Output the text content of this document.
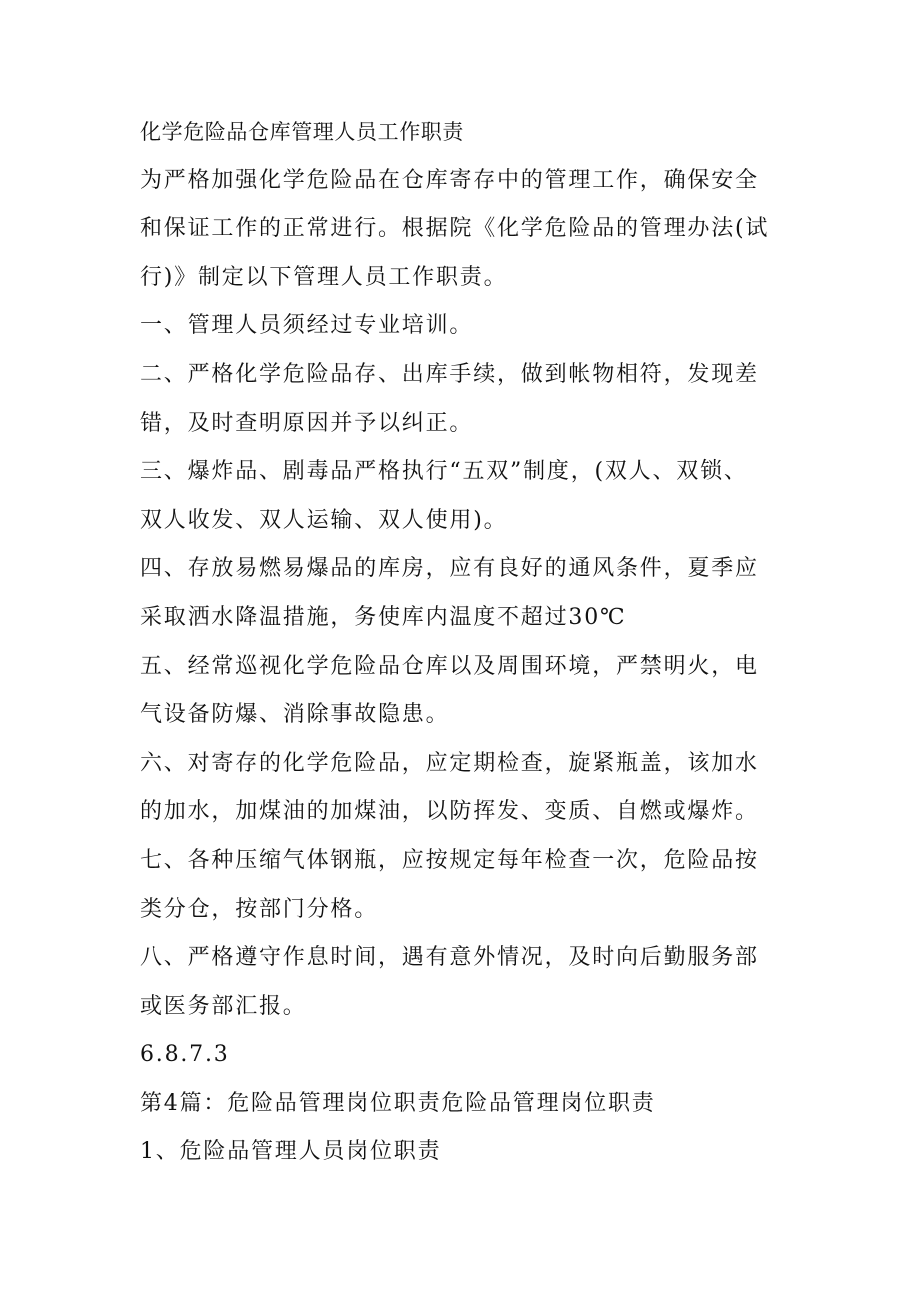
化学危险品仓库管理人员工作职责
为严格加强化学危险品在仓库寄存中的管理工作，确保安全
和保证工作的正常进行。根据院《化学危险品的管理办法(试
行)》制定以下管理人员工作职责。
一、管理人员须经过专业培训。
二、严格化学危险品存、出库手续，做到帐物相符，发现差
错，及时查明原因并予以纠正。
三、爆炸品、剧毒品严格执行“五双”制度，(双人、双锁、
双人收发、双人运输、双人使用)。
四、存放易燃易爆品的库房，应有良好的通风条件，夏季应
采取洒水降温措施，务使库内温度不超过30℃
五、经常巡视化学危险品仓库以及周围环境，严禁明火，电
气设备防爆、消除事故隐患。
六、对寄存的化学危险品，应定期检查，旋紧瓶盖，该加水
的加水，加煤油的加煤油，以防挥发、变质、自燃或爆炸。
七、各种压缩气体钢瓶，应按规定每年检查一次，危险品按
类分仓，按部门分格。
八、严格遵守作息时间，遇有意外情况，及时向后勤服务部
或医务部汇报。
6.8.7.3
第4篇：危险品管理岗位职责危险品管理岗位职责
1、危险品管理人员岗位职责
